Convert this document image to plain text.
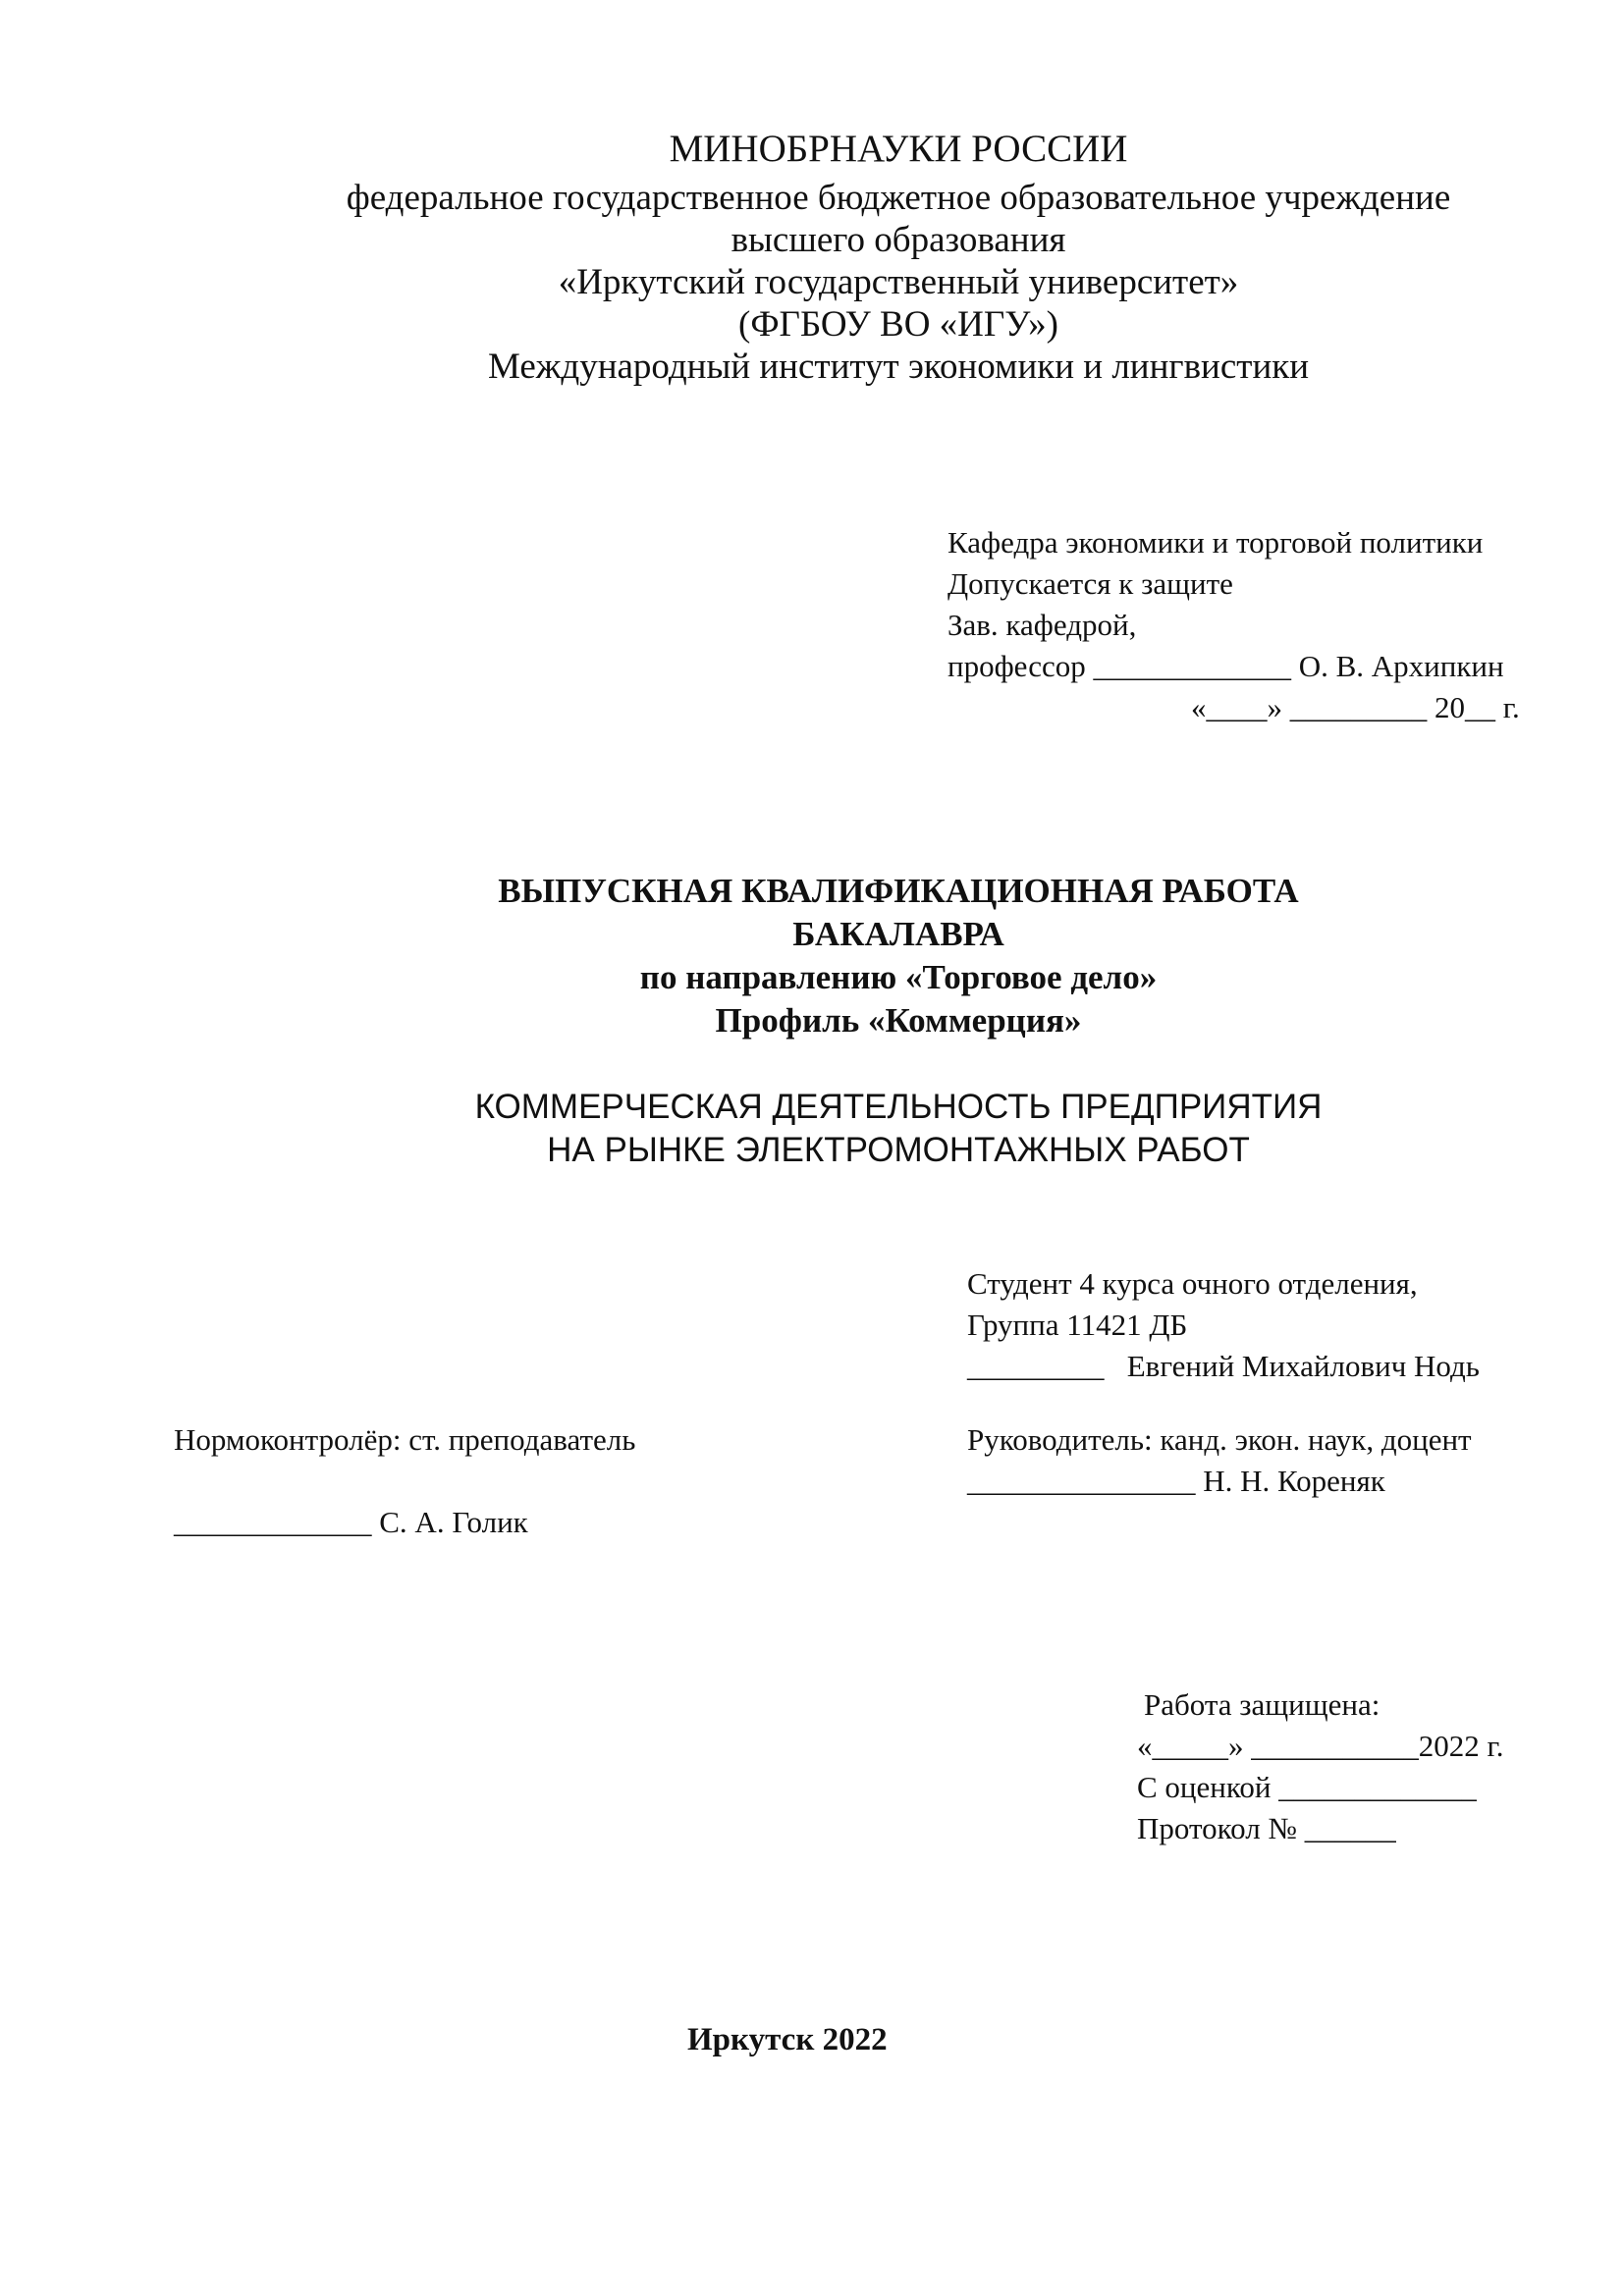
МИНОБРНАУКИ РОССИИ
федеральное государственное бюджетное образовательное учреждение
высшего образования
«Иркутский государственный университет»
(ФГБОУ ВО «ИГУ»)
Международный институт экономики и лингвистики
Кафедра экономики и торговой политики
Допускается к защите
Зав. кафедрой,
профессор _____________ О. В. Архипкин
«____» _________ 20__ г.
ВЫПУСКНАЯ КВАЛИФИКАЦИОННАЯ РАБОТА
БАКАЛАВРА
по направлению «Торговое дело»
Профиль «Коммерция»
КОММЕРЧЕСКАЯ ДЕЯТЕЛЬНОСТЬ ПРЕДПРИЯТИЯ
НА РЫНКЕ ЭЛЕКТРОМОНТАЖНЫХ РАБОТ
Студент 4 курса очного отделения,
Группа 11421 ДБ
_________   Евгений Михайлович Нодь
Нормоконтролёр: ст. преподаватель
_____________ С. А. Голик
Руководитель: канд. экон. наук, доцент
_______________ Н. Н. Кореняк
Работа защищена:
«_____» ___________2022 г.
С оценкой _____________
Протокол № ______
Иркутск 2022
